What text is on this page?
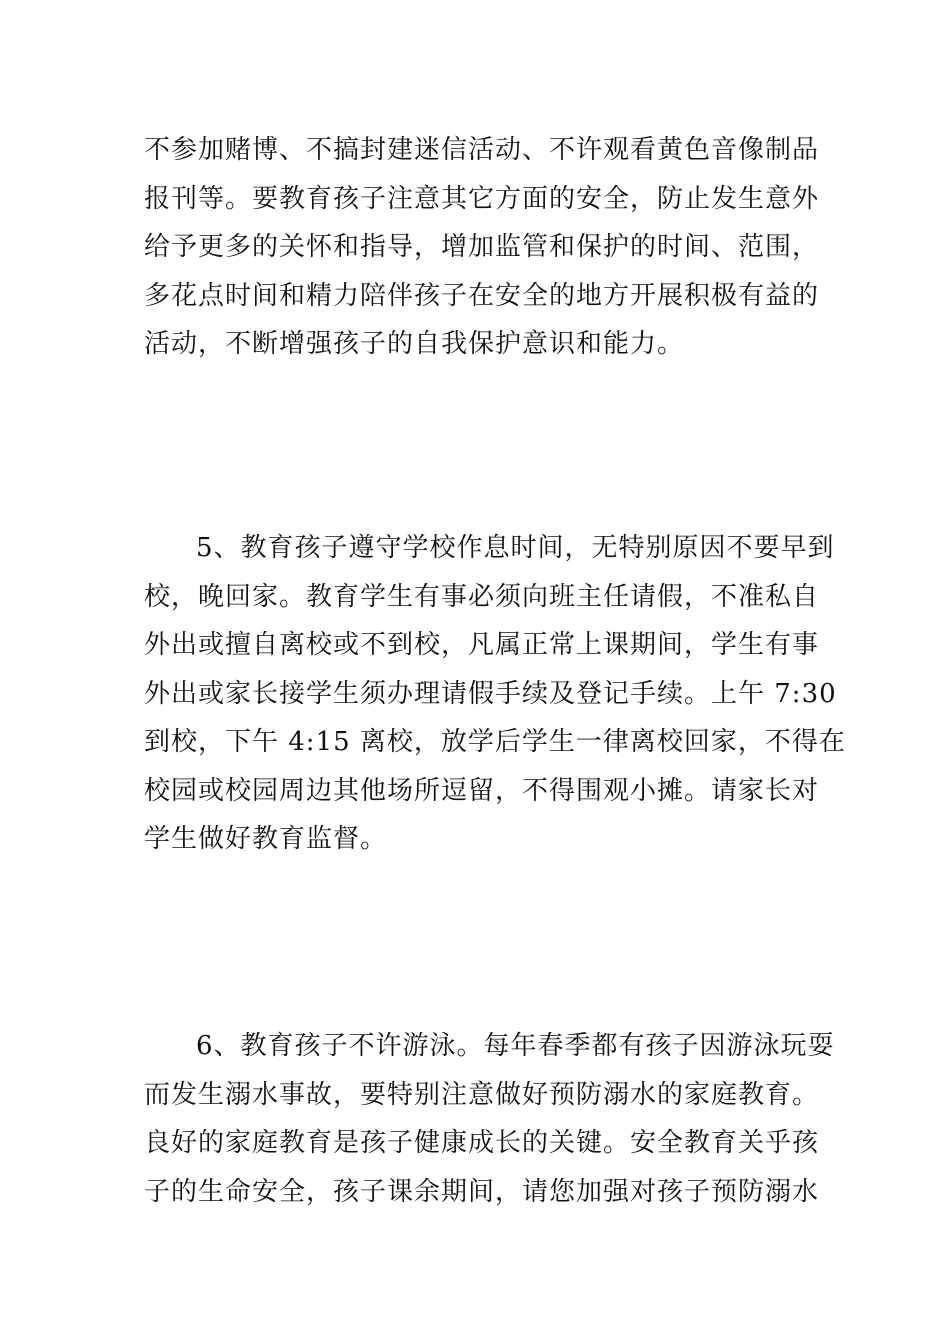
不参加赌博、不搞封建迷信活动、不许观看黄色音像制品
报刊等。要教育孩子注意其它方面的安全，防止发生意外
给予更多的关怀和指导，增加监管和保护的时间、范围，
多花点时间和精力陪伴孩子在安全的地方开展积极有益的
活动，不断增强孩子的自我保护意识和能力。
5、教育孩子遵守学校作息时间，无特别原因不要早到
校，晚回家。教育学生有事必须向班主任请假，不准私自
外出或擅自离校或不到校，凡属正常上课期间，学生有事
外出或家长接学生须办理请假手续及登记手续。上午 7:30
到校，下午 4:15 离校，放学后学生一律离校回家，不得在
校园或校园周边其他场所逗留，不得围观小摊。请家长对
学生做好教育监督。
6、教育孩子不许游泳。每年春季都有孩子因游泳玩耍
而发生溺水事故，要特别注意做好预防溺水的家庭教育。
良好的家庭教育是孩子健康成长的关键。安全教育关乎孩
子的生命安全，孩子课余期间，请您加强对孩子预防溺水
